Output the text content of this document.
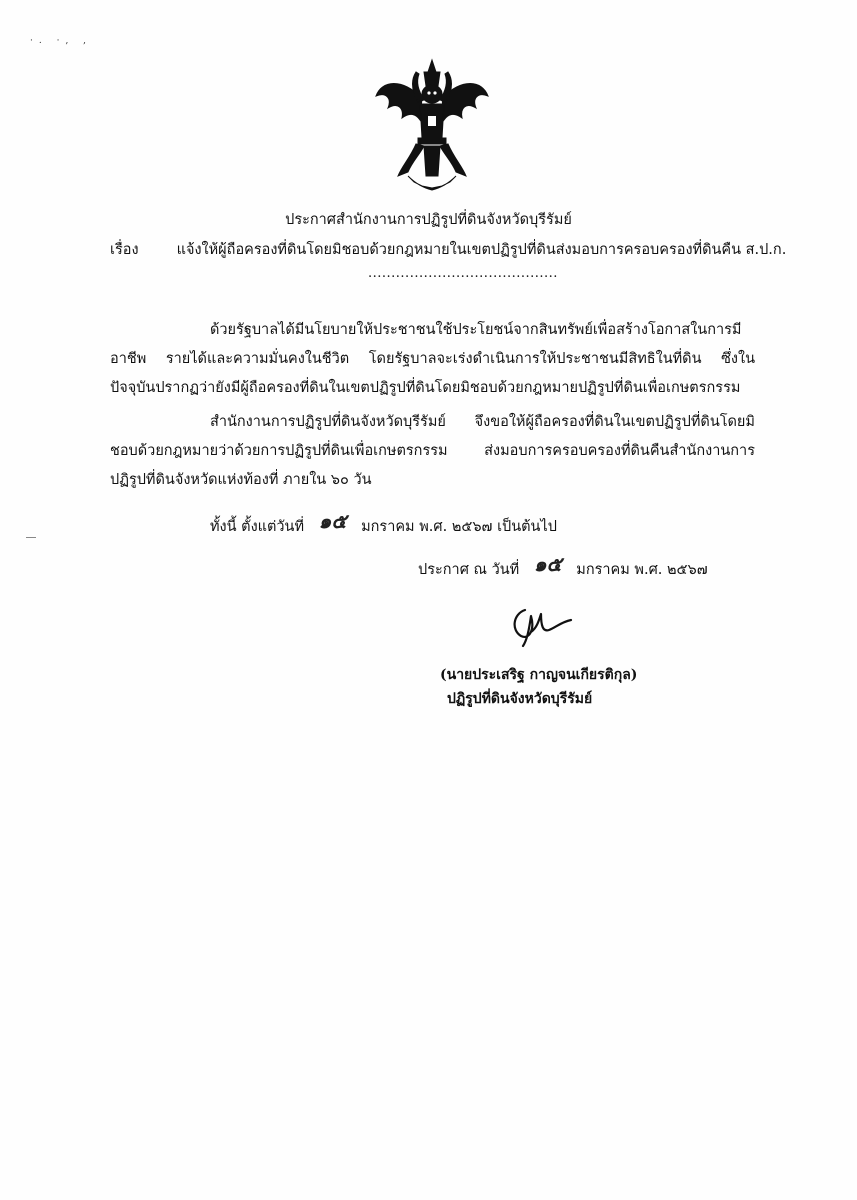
·. ·, ,
ประกาศสำนักงานการปฏิรูปที่ดินจังหวัดบุรีรัมย์
เรื่อง	แจ้งให้ผู้ถือครองที่ดินโดยมิชอบด้วยกฎหมายในเขตปฏิรูปที่ดินส่งมอบการครอบครองที่ดินคืน ส.ป.ก.
.........................................
ด้วยรัฐบาลได้มีนโยบายให้ประชาชนใช้ประโยชน์จากสินทรัพย์เพื่อสร้างโอกาสในการมีอาชีพ รายได้และความมั่นคงในชีวิต โดยรัฐบาลจะเร่งดำเนินการให้ประชาชนมีสิทธิในที่ดิน ซึ่งในปัจจุบันปรากฏว่ายังมีผู้ถือครองที่ดินในเขตปฏิรูปที่ดินโดยมิชอบด้วยกฎหมายปฏิรูปที่ดินเพื่อเกษตรกรรม
สำนักงานการปฏิรูปที่ดินจังหวัดบุรีรัมย์ จึงขอให้ผู้ถือครองที่ดินในเขตปฏิรูปที่ดินโดยมิชอบด้วยกฎหมายว่าด้วยการปฏิรูปที่ดินเพื่อเกษตรกรรม ส่งมอบการครอบครองที่ดินคืนสำนักงานการปฏิรูปที่ดินจังหวัดแห่งท้องที่ ภายใน ๖๐ วัน
ทั้งนี้ ตั้งแต่วันที่ ๑๕ มกราคม พ.ศ. ๒๕๖๗ เป็นต้นไป
ประกาศ ณ วันที่ ๑๕ มกราคม พ.ศ. ๒๕๖๗
(นายประเสริฐ กาญจนเกียรติกุล)
ปฏิรูปที่ดินจังหวัดบุรีรัมย์
